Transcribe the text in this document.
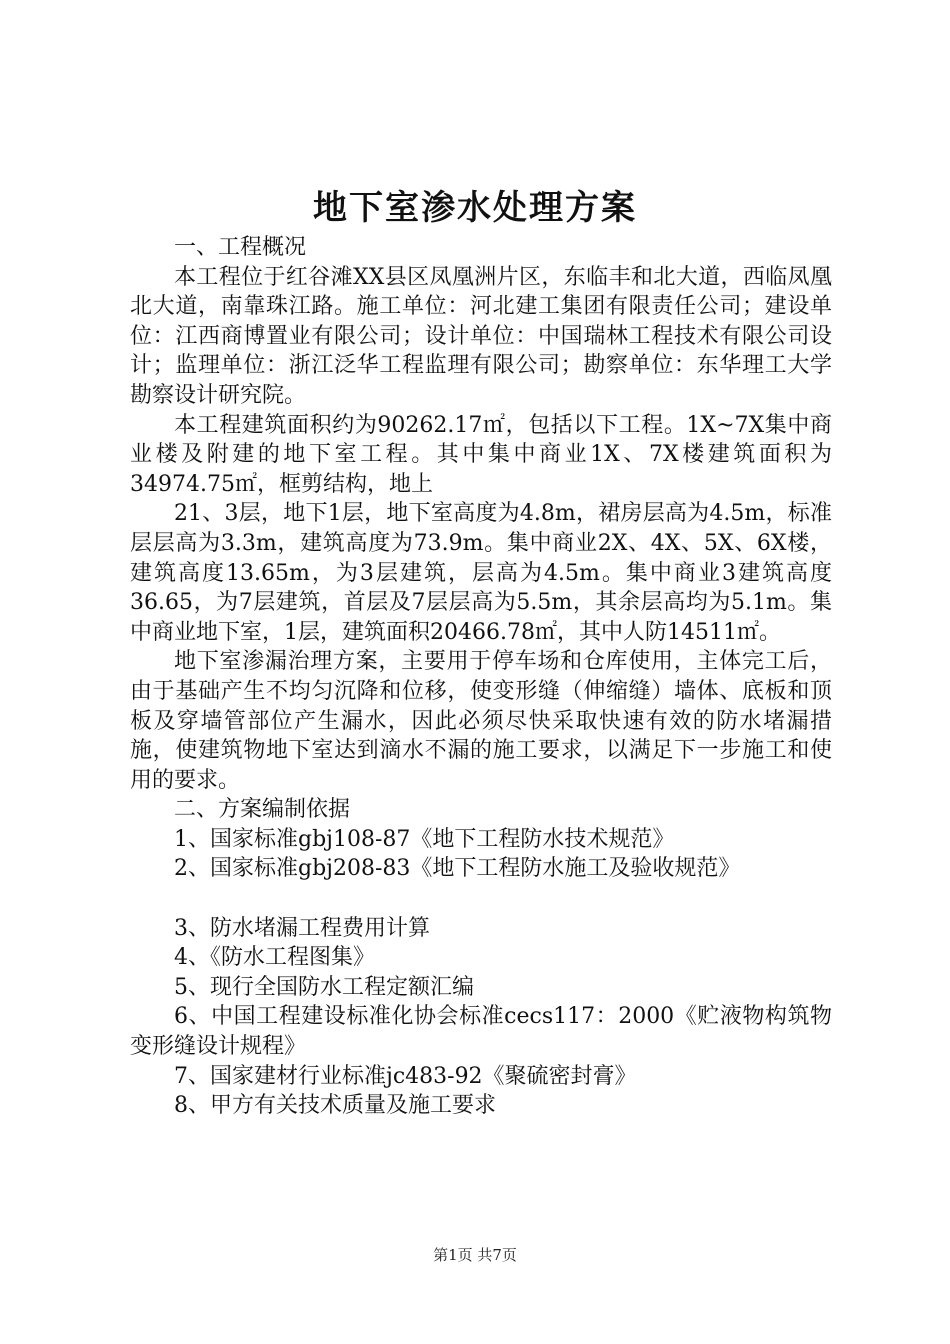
地下室渗水处理方案

一、工程概况

本工程位于红谷滩XX县区凤凰洲片区，东临丰和北大道，西临凤凰北大道，南靠珠江路。施工单位：河北建工集团有限责任公司；建设单位：江西商博置业有限公司；设计单位：中国瑞林工程技术有限公司设计；监理单位：浙江泛华工程监理有限公司；勘察单位：东华理工大学勘察设计研究院。

本工程建筑面积约为90262.17㎡，包括以下工程。1X~7X集中商业楼及附建的地下室工程。其中集中商业1X、7X楼建筑面积为34974.75㎡，框剪结构，地上

21、3层，地下1层，地下室高度为4.8m，裙房层高为4.5m，标准层层高为3.3m，建筑高度为73.9m。集中商业2X、4X、5X、6X楼，建筑高度13.65m，为3层建筑，层高为4.5m。集中商业3建筑高度36.65，为7层建筑，首层及7层层高为5.5m，其余层高均为5.1m。集中商业地下室，1层，建筑面积20466.78㎡，其中人防14511㎡。

地下室渗漏治理方案，主要用于停车场和仓库使用，主体完工后，由于基础产生不均匀沉降和位移，使变形缝（伸缩缝）墙体、底板和顶板及穿墙管部位产生漏水，因此必须尽快采取快速有效的防水堵漏措施，使建筑物地下室达到滴水不漏的施工要求，以满足下一步施工和使用的要求。

二、方案编制依据

1、国家标准gbj108-87《地下工程防水技术规范》

2、国家标准gbj208-83《地下工程防水施工及验收规范》

3、防水堵漏工程费用计算

4、《防水工程图集》

5、现行全国防水工程定额汇编

6、中国工程建设标准化协会标准cecs117：2000《贮液物构筑物变形缝设计规程》

7、国家建材行业标准jc483-92《聚硫密封膏》

8、甲方有关技术质量及施工要求

第1页 共7页
